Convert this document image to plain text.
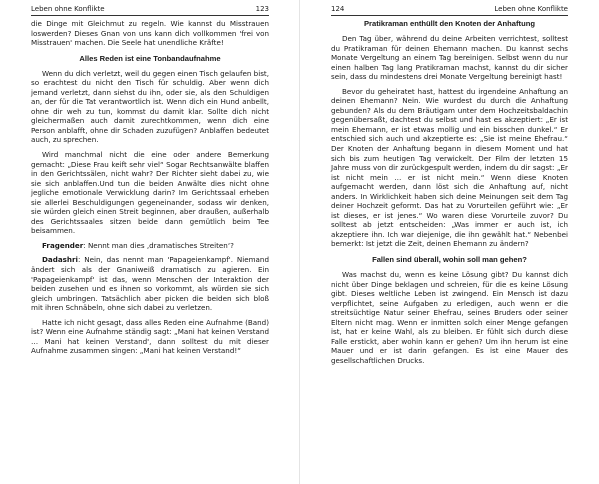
Leben ohne Konflikte	123

die Dinge mit Gleichmut zu regeln. Wie kannst du Misstrauen loswerden? Dieses Gnan von uns kann dich vollkommen 'frei von Misstrauen' machen. Die Seele hat unendliche Kräfte!

Alles Reden ist eine Tonbandaufnahme

Wenn du dich verletzt, weil du gegen einen Tisch gelaufen bist, so erachtest du nicht den Tisch für schuldig. Aber wenn dich jemand verletzt, dann siehst du ihn, oder sie, als den Schuldigen an, der für die Tat verantwortlich ist. Wenn dich ein Hund anbellt, ohne dir weh zu tun, kommst du damit klar. Sollte dich nicht gleichermaßen auch damit zurechtkommen, wenn dich eine Person anblafft, ohne dir Schaden zuzufügen? Anblaffen bedeutet auch, zu sprechen.

Wird manchmal nicht die eine oder andere Bemerkung gemacht: „Diese Frau keift sehr viel“ Sogar Rechtsanwälte blaffen in den Gerichtssälen, nicht wahr? Der Richter sieht dabei zu, wie sie sich anblaffen.Und tun die beiden Anwälte dies nicht ohne jegliche emotionale Verwicklung darin? Im Gerichtssaal erheben sie allerlei Beschuldigungen gegeneinander, sodass wir denken, sie würden gleich einen Streit beginnen, aber draußen, außerhalb des Gerichtssaales sitzen beide dann gemütlich beim Tee beisammen.

Fragender: Nennt man dies ‚dramatisches Streiten‘?

Dadashri: Nein, das nennt man 'Papageienkampf'. Niemand ändert sich als der Gnaniweiß dramatisch zu agieren. Ein 'Papageienkampf' ist das, wenn Menschen der Interaktion der beiden zusehen und es ihnen so vorkommt, als würden sie sich gleich umbringen. Tatsächlich aber picken die beiden sich bloß mit ihren Schnäbeln, ohne sich dabei zu verletzen.

Hatte ich nicht gesagt, dass alles Reden eine Aufnahme (Band) ist? Wenn eine Aufnahme ständig sagt: „Mani hat keinen Verstand … Mani hat keinen Verstand', dann solltest du mit dieser Aufnahme zusammen singen: „Mani hat keinen Verstand!“

124	Leben ohne Konflikte
Pratikraman enthüllt den Knoten der Anhaftung

Den Tag über, während du deine Arbeiten verrichtest, solltest du Pratikraman für deinen Ehemann machen. Du kannst sechs Monate Vergeltung an einem Tag bereinigen. Selbst wenn du nur einen halben Tag lang Pratikraman machst, kannst du dir sicher sein, dass du mindestens drei Monate Vergeltung bereinigt hast!

Bevor du geheiratet hast, hattest du irgendeine Anhaftung an deinen Ehemann? Nein. Wie wurdest du durch die Anhaftung gebunden? Als du dem Bräutigam unter dem Hochzeitsbaldachin gegenübersaßt, dachtest du selbst und hast es akzeptiert: „Er ist mein Ehemann, er ist etwas mollig und ein bisschen dunkel.“ Er entschied sich auch und akzeptierte es: „Sie ist meine Ehefrau.“ Der Knoten der Anhaftung begann in diesem Moment und hat sich bis zum heutigen Tag verwickelt. Der Film der letzten 15 Jahre muss von dir zurückgespult werden, indem du dir sagst: „Er ist nicht mein … er ist nicht mein.“ Wenn diese Knoten aufgemacht werden, dann löst sich die Anhaftung auf, nicht anders. In Wirklichkeit haben sich deine Meinungen seit dem Tag deiner Hochzeit geformt. Das hat zu Vorurteilen geführt wie: „Er ist dieses, er ist jenes.“ Wo waren diese Vorurteile zuvor? Du solltest ab jetzt entscheiden: „Was immer er auch ist, ich akzeptiere ihn. Ich war diejenige, die ihn gewählt hat.“ Nebenbei bemerkt: Ist jetzt die Zeit, deinen Ehemann zu ändern?

Fallen sind überall, wohin soll man gehen?

Was machst du, wenn es keine Lösung gibt? Du kannst dich nicht über Dinge beklagen und schreien, für die es keine Lösung gibt. Dieses weltliche Leben ist zwingend. Ein Mensch ist dazu verpflichtet, seine Aufgaben zu erledigen, auch wenn er die streitsüchtige Natur seiner Ehefrau, seines Bruders oder seiner Eltern nicht mag. Wenn er inmitten solch einer Menge gefangen ist, hat er keine Wahl, als zu bleiben. Er fühlt sich durch diese Falle erstickt, aber wohin kann er gehen? Um ihn herum ist eine Mauer und er ist darin gefangen. Es ist eine Mauer des gesellschaftlichen Drucks.
